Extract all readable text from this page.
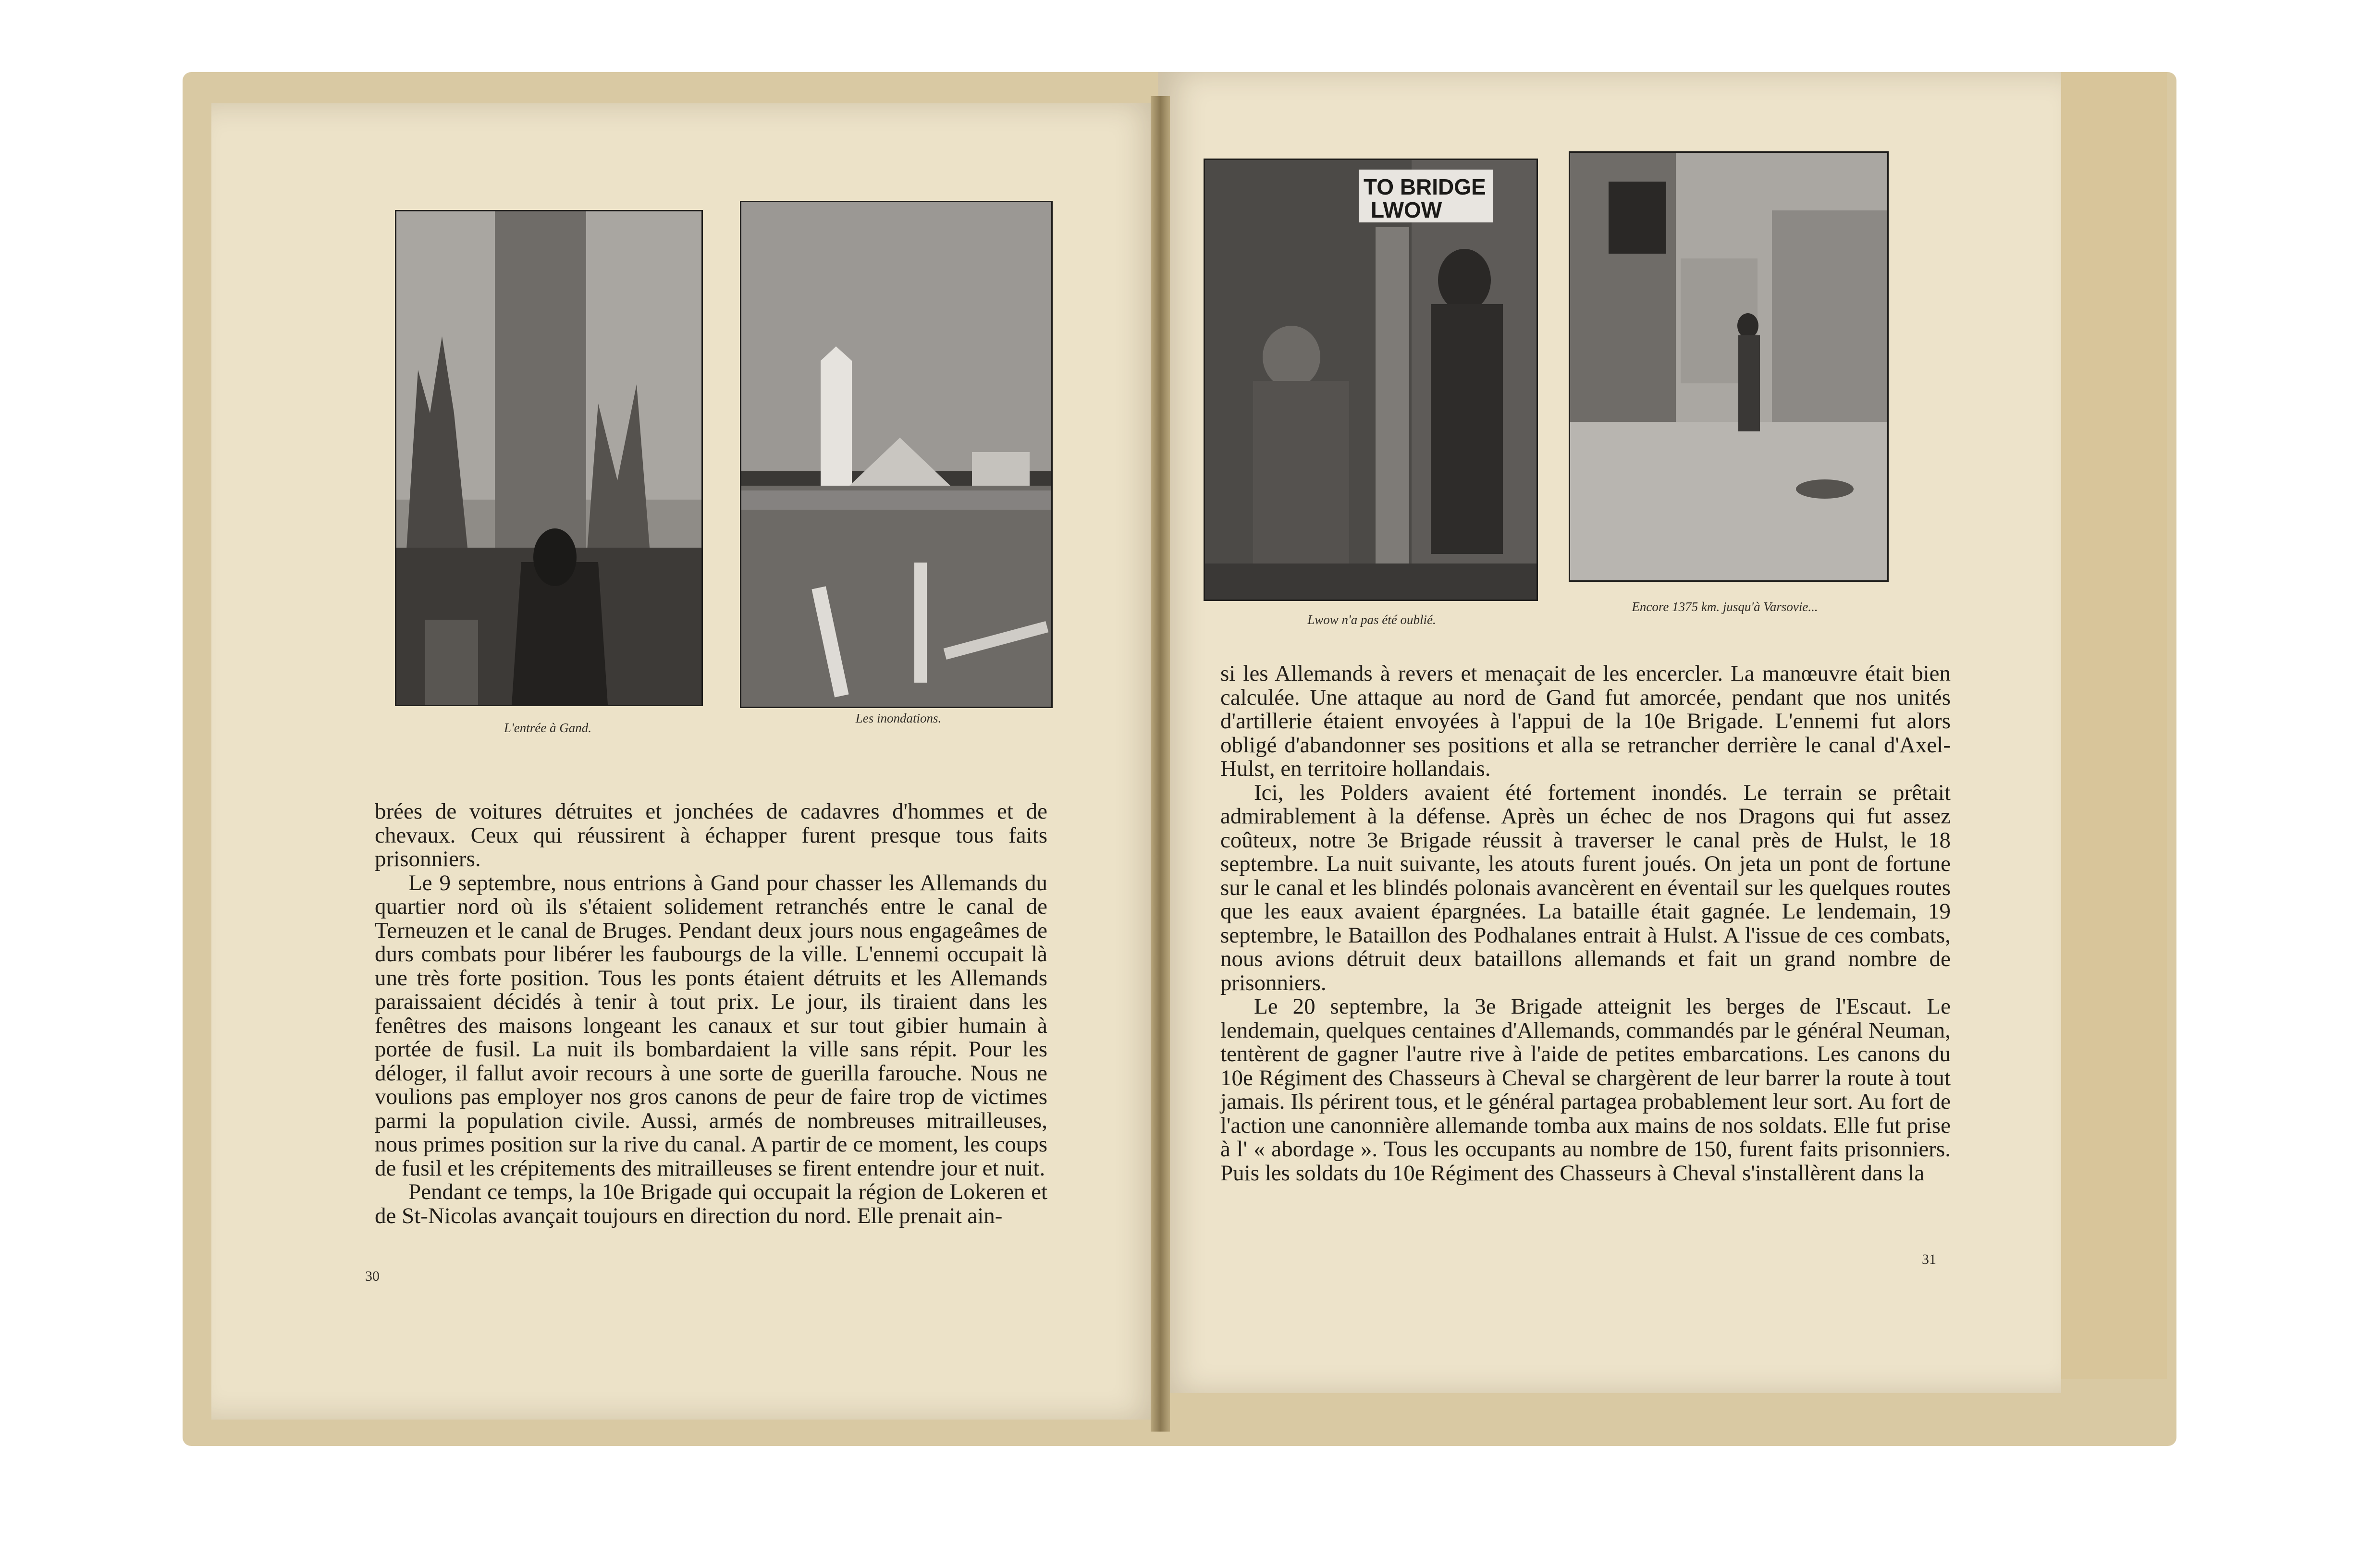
L'entrée à Gand.
Les inondations.

brées de voitures détruites et jonchées de cadavres d'hommes et de chevaux. Ceux qui réussirent à échapper furent presque tous faits prisonniers.

Le 9 septembre, nous entrions à Gand pour chasser les Allemands du quartier nord où ils s'étaient solidement retranchés entre le canal de Terneuzen et le canal de Bruges. Pendant deux jours nous engageâmes de durs combats pour libérer les faubourgs de la ville. L'ennemi occupait là une très forte position. Tous les ponts étaient détruits et les Allemands paraissaient décidés à tenir à tout prix. Le jour, ils tiraient dans les fenêtres des maisons longeant les canaux et sur tout gibier humain à portée de fusil. La nuit ils bombardaient la ville sans répit. Pour les déloger, il fallut avoir recours à une sorte de guerilla farouche. Nous ne voulions pas employer nos gros canons de peur de faire trop de victimes parmi la population civile. Aussi, armés de nombreuses mitrailleuses, nous primes position sur la rive du canal. A partir de ce moment, les coups de fusil et les crépitements des mitrailleuses se firent entendre jour et nuit.

Pendant ce temps, la 10e Brigade qui occupait la région de Lokeren et de St-Nicolas avançait toujours en direction du nord. Elle prenait ain-

30
TO BRIDGE
LWOW
Lwow n'a pas été oublié.
Encore 1375 km. jusqu'à Varsovie...

si les Allemands à revers et menaçait de les encercler. La manœuvre était bien calculée. Une attaque au nord de Gand fut amorcée, pendant que nos unités d'artillerie étaient envoyées à l'appui de la 10e Brigade. L'ennemi fut alors obligé d'abandonner ses positions et alla se retrancher derrière le canal d'Axel-Hulst, en territoire hollandais.

Ici, les Polders avaient été fortement inondés. Le terrain se prêtait admirablement à la défense. Après un échec de nos Dragons qui fut assez coûteux, notre 3e Brigade réussit à traverser le canal près de Hulst, le 18 septembre. La nuit suivante, les atouts furent joués. On jeta un pont de fortune sur le canal et les blindés polonais avancèrent en éventail sur les quelques routes que les eaux avaient épargnées. La bataille était gagnée. Le lendemain, 19 septembre, le Bataillon des Podhalanes entrait à Hulst. A l'issue de ces combats, nous avions détruit deux bataillons allemands et fait un grand nombre de prisonniers.

Le 20 septembre, la 3e Brigade atteignit les berges de l'Escaut. Le lendemain, quelques centaines d'Allemands, commandés par le général Neuman, tentèrent de gagner l'autre rive à l'aide de petites embarcations. Les canons du 10e Régiment des Chasseurs à Cheval se chargèrent de leur barrer la route à tout jamais. Ils périrent tous, et le général partagea probablement leur sort. Au fort de l'action une canonnière allemande tomba aux mains de nos soldats. Elle fut prise à l' « abordage ». Tous les occupants au nombre de 150, furent faits prisonniers. Puis les soldats du 10e Régiment des Chasseurs à Cheval s'installèrent dans la

31
